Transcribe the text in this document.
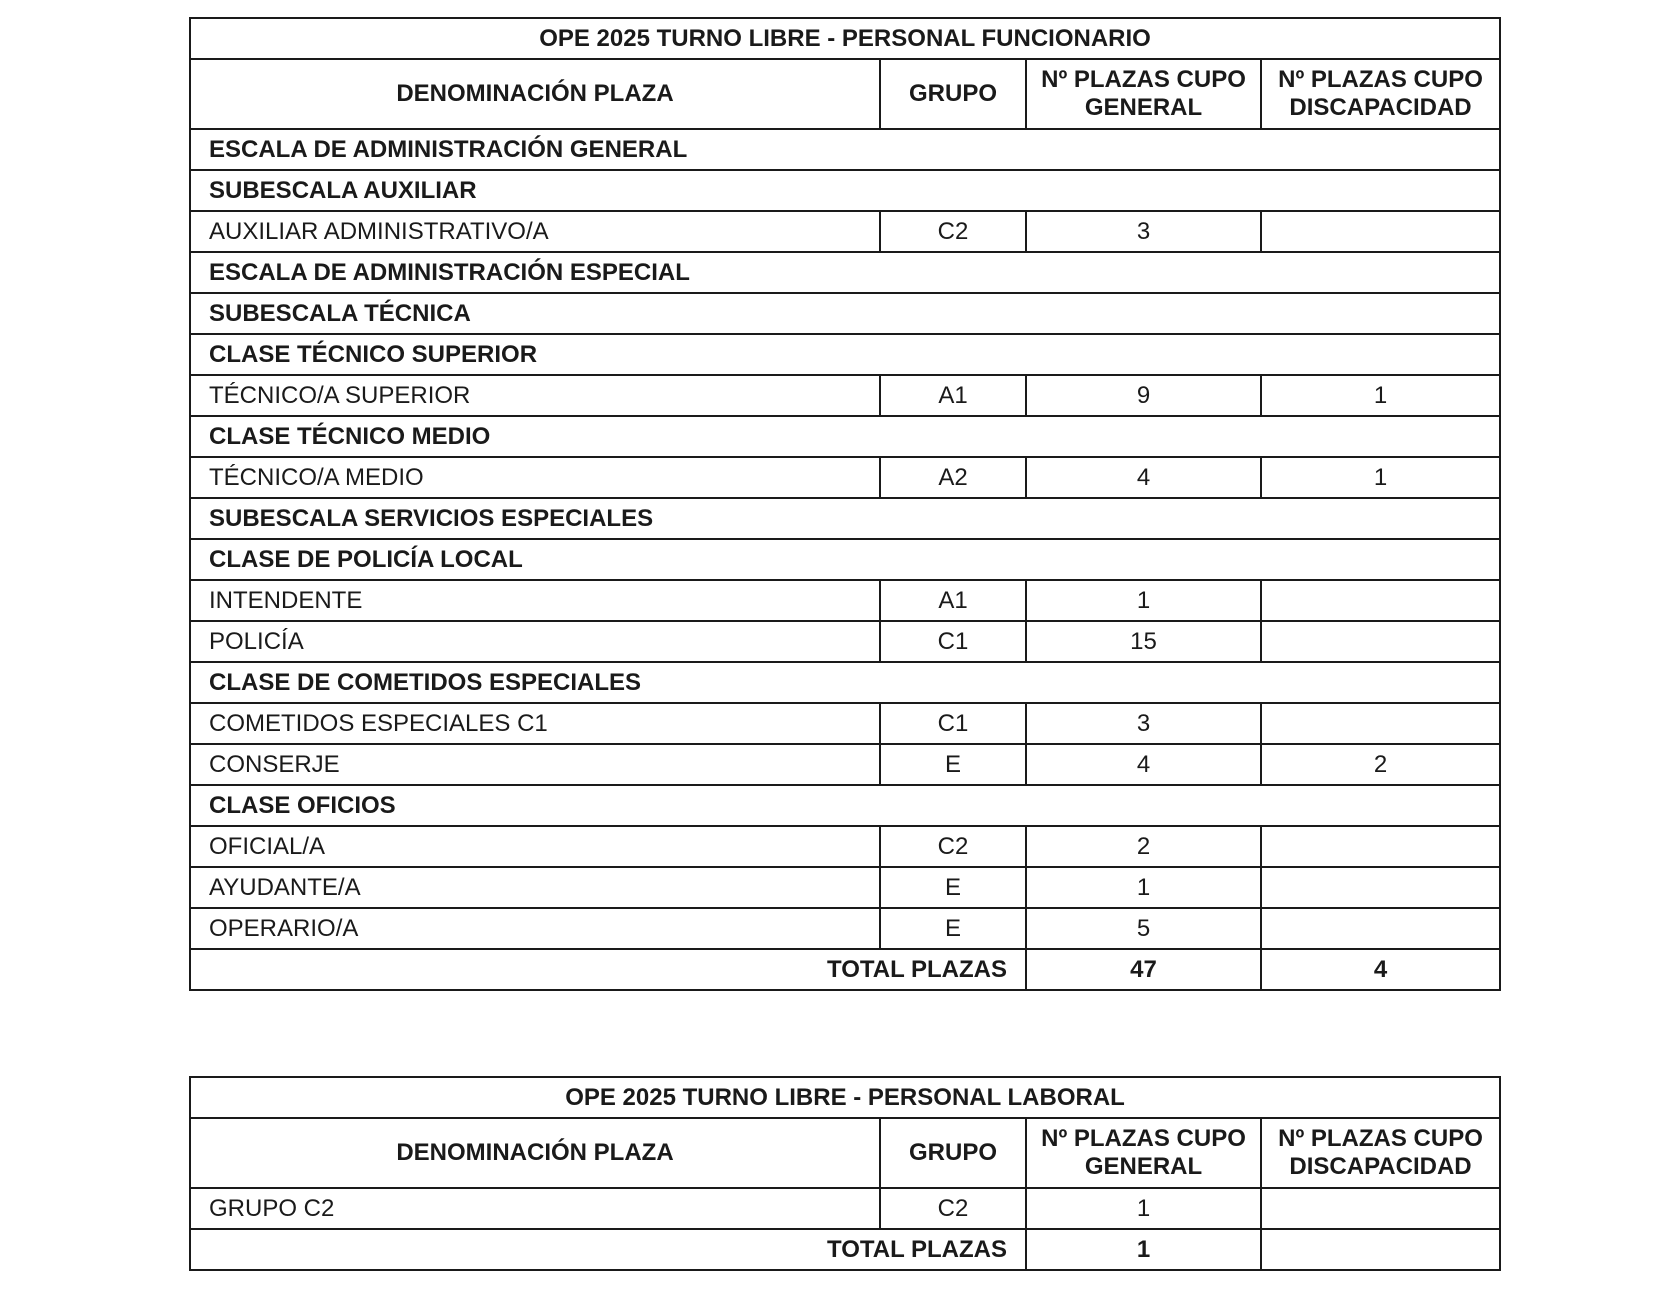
OPE 2025 TURNO LIBRE - PERSONAL FUNCIONARIO			
DENOMINACIÓN PLAZA	GRUPO	Nº PLAZAS CUPO GENERAL	Nº PLAZAS CUPO DISCAPACIDAD
ESCALA DE ADMINISTRACIÓN GENERAL			
SUBESCALA AUXILIAR			
AUXILIAR ADMINISTRATIVO/A	C2	3	
ESCALA DE ADMINISTRACIÓN ESPECIAL			
SUBESCALA TÉCNICA			
CLASE TÉCNICO SUPERIOR			
TÉCNICO/A SUPERIOR	A1	9	1
CLASE TÉCNICO MEDIO			
TÉCNICO/A MEDIO	A2	4	1
SUBESCALA SERVICIOS ESPECIALES			
CLASE DE POLICÍA LOCAL			
INTENDENTE	A1	1	
POLICÍA	C1	15	
CLASE DE COMETIDOS ESPECIALES			
COMETIDOS ESPECIALES C1	C1	3	
CONSERJE	E	4	2
CLASE OFICIOS			
OFICIAL/A	C2	2	
AYUDANTE/A	E	1	
OPERARIO/A	E	5	
TOTAL PLAZAS		47	4
OPE 2025 TURNO LIBRE - PERSONAL LABORAL			
DENOMINACIÓN PLAZA	GRUPO	Nº PLAZAS CUPO GENERAL	Nº PLAZAS CUPO DISCAPACIDAD
GRUPO C2	C2	1	
TOTAL PLAZAS		1	
